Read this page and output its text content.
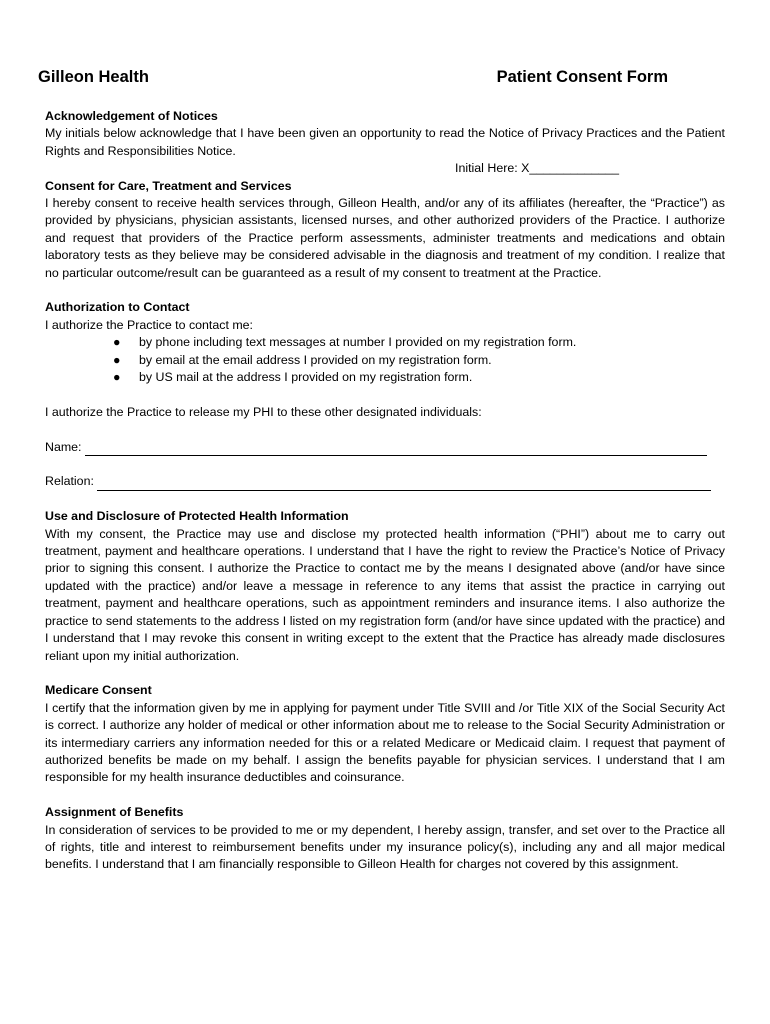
Gilleon Health	Patient Consent Form

Acknowledgement of Notices

My initials below acknowledge that I have been given an opportunity to read the Notice of Privacy Practices and the Patient Rights and Responsibilities Notice.

Initial Here: X_____________

Consent for Care, Treatment and Services

I hereby consent to receive health services through, Gilleon Health, and/or any of its affiliates (hereafter, the “Practice”) as provided by physicians, physician assistants, licensed nurses, and other authorized providers of the Practice. I authorize and request that providers of the Practice perform assessments, administer treatments and medications and obtain laboratory tests as they believe may be considered advisable in the diagnosis and treatment of my condition. I realize that no particular outcome/result can be guaranteed as a result of my consent to treatment at the Practice.

Authorization to Contact

I authorize the Practice to contact me:

● by phone including text messages at number I provided on my registration form.
● by email at the email address I provided on my registration form.
● by US mail at the address I provided on my registration form.

I authorize the Practice to release my PHI to these other designated individuals:

Name:
Relation:

Use and Disclosure of Protected Health Information

With my consent, the Practice may use and disclose my protected health information (“PHI”) about me to carry out treatment, payment and healthcare operations. I understand that I have the right to review the Practice’s Notice of Privacy prior to signing this consent. I authorize the Practice to contact me by the means I designated above (and/or have since updated with the practice) and/or leave a message in reference to any items that assist the practice in carrying out treatment, payment and healthcare operations, such as appointment reminders and insurance items. I also authorize the practice to send statements to the address I listed on my registration form (and/or have since updated with the practice) and I understand that I may revoke this consent in writing except to the extent that the Practice has already made disclosures reliant upon my initial authorization.

Medicare Consent

I certify that the information given by me in applying for payment under Title SVIII and /or Title XIX of the Social Security Act is correct. I authorize any holder of medical or other information about me to release to the Social Security Administration or its intermediary carriers any information needed for this or a related Medicare or Medicaid claim. I request that payment of authorized benefits be made on my behalf. I assign the benefits payable for physician services. I understand that I am responsible for my health insurance deductibles and coinsurance.

Assignment of Benefits

In consideration of services to be provided to me or my dependent, I hereby assign, transfer, and set over to the Practice all of rights, title and interest to reimbursement benefits under my insurance policy(s), including any and all major medical benefits. I understand that I am financially responsible to Gilleon Health for charges not covered by this assignment.
